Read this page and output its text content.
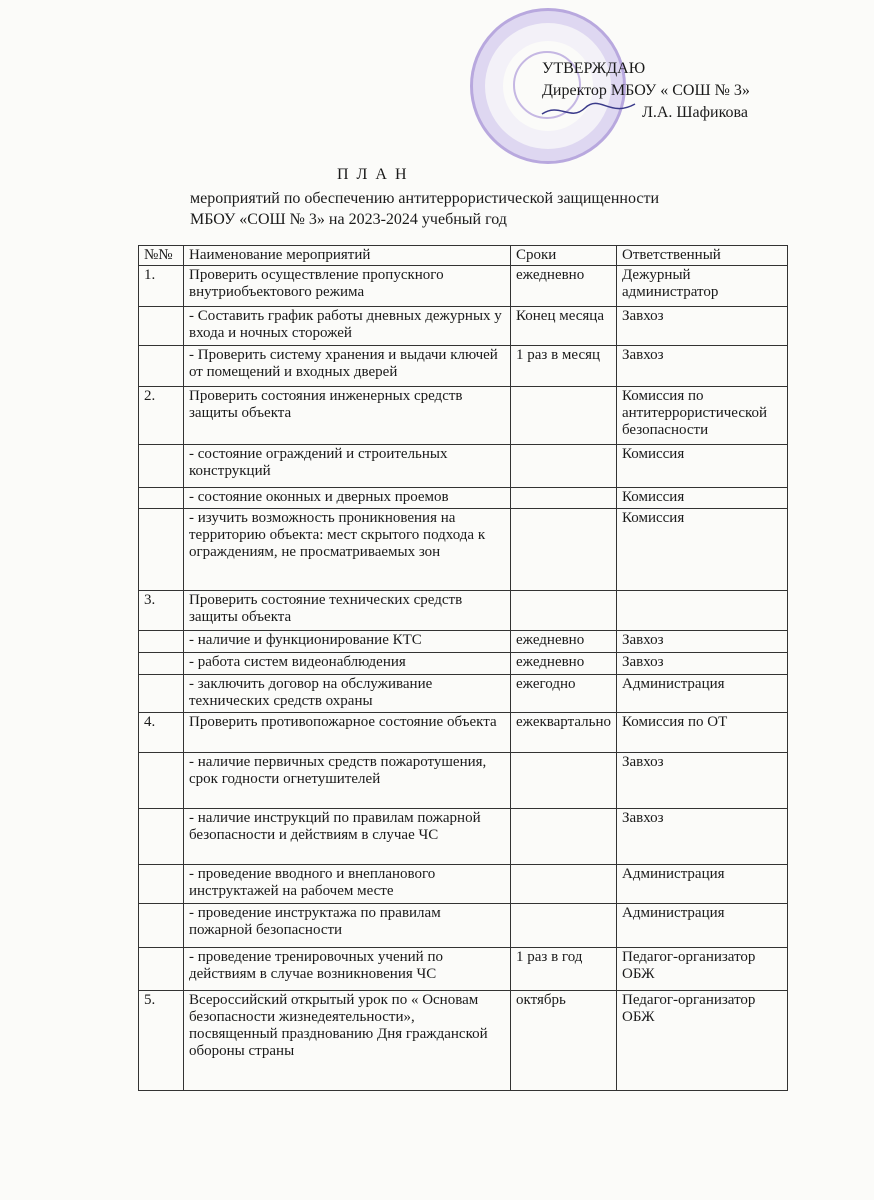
УТВЕРЖДАЮ
Директор МБОУ « СОШ № 3»
Л.А. Шафикова
П Л А Н
мероприятий по обеспечению антитеррористической защищенности
МБОУ «СОШ № 3» на 2023-2024 учебный год
№№	Наименование мероприятий	Сроки	Ответственный
1.	Проверить осуществление пропускного внутриобъектового режима	ежедневно	Дежурный администратор
	- Составить график работы дневных дежурных у входа и ночных сторожей	Конец месяца	Завхоз
	- Проверить систему хранения и выдачи ключей от помещений и входных дверей	1 раз в месяц	Завхоз
2.	Проверить состояния инженерных средств защиты объекта		Комиссия по антитеррористической безопасности
	- состояние ограждений и строительных конструкций		Комиссия
	- состояние оконных и дверных проемов		Комиссия
	- изучить возможность проникновения на территорию объекта: мест скрытого подхода к ограждениям, не просматриваемых зон		Комиссия
3.	Проверить состояние технических средств защиты объекта		
	- наличие и функционирование КТС	ежедневно	Завхоз
	- работа систем видеонаблюдения	ежедневно	Завхоз
	- заключить договор на обслуживание технических средств охраны	ежегодно	Администрация
4.	Проверить противопожарное состояние объекта	ежеквартально	Комиссия по ОТ
	- наличие первичных средств пожаротушения, срок годности огнетушителей		Завхоз
	- наличие инструкций по правилам пожарной безопасности и действиям в случае ЧС		Завхоз
	- проведение вводного и внепланового инструктажей на рабочем месте		Администрация
	- проведение инструктажа по правилам пожарной безопасности		Администрация
	- проведение тренировочных учений по действиям в случае возникновения ЧС	1 раз в год	Педагог-организатор ОБЖ
5.	Всероссийский открытый урок по « Основам безопасности жизнедеятельности», посвященный празднованию Дня гражданской обороны страны	октябрь	Педагог-организатор ОБЖ
